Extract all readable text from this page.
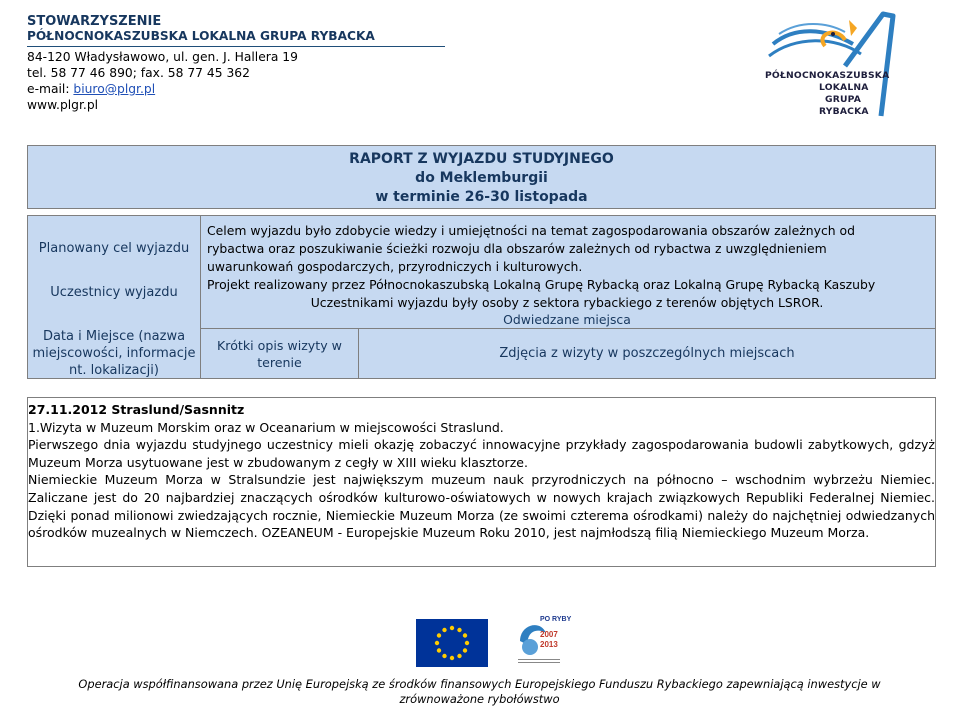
STOWARZYSZENIE
PÓŁNOCNOKASZUBSKA LOKALNA GRUPA RYBACKA
84-120 Władysławowo, ul. gen. J. Hallera 19
tel. 58 77 46 890; fax. 58 77 45 362
e-mail: biuro@plgr.pl
www.plgr.pl
PÓŁNOCNOKASZUBSKA
LOKALNA
GRUPA
RYBACKA
RAPORT Z WYJAZDU STUDYJNEGO
do Meklemburgii
w terminie 26-30 listopada
Planowany cel wyjazdu
Uczestnicy wyjazdu
Data i Miejsce (nazwa
miejscowości, informacje
nt. lokalizacji)
Celem wyjazdu było zdobycie wiedzy i umiejętności na temat zagospodarowania obszarów zależnych od
rybactwa oraz poszukiwanie ścieżki rozwoju dla obszarów zależnych od rybactwa z uwzględnieniem
uwarunkowań gospodarczych, przyrodniczych i kulturowych.
Projekt realizowany przez Północnokaszubską Lokalną Grupę Rybacką oraz Lokalną Grupę Rybacką Kaszuby
Uczestnikami wyjazdu były osoby z sektora rybackiego z terenów objętych LSROR.
Odwiedzane miejsca
Krótki opis wizyty w
terenie
Zdjęcia z wizyty w poszczególnych miejscach
27.11.2012 Straslund/Sasnnitz
1.Wizyta w Muzeum Morskim oraz w Oceanarium w miejscowości Straslund.
Pierwszego dnia wyjazdu studyjnego uczestnicy mieli okazję zobaczyć innowacyjne przykłady zagospodarowania budowli zabytkowych, gdzyż Muzeum Morza usytuowane jest w zbudowanym z cegły w XIII wieku klasztorze.
Niemieckie Muzeum Morza w Stralsundzie jest największym muzeum nauk przyrodniczych na północno – wschodnim wybrzeżu Niemiec. Zaliczane jest do 20 najbardziej znaczących ośrodków kulturowo-oświatowych w nowych krajach związkowych Republiki Federalnej Niemiec. Dzięki ponad milionowi zwiedzających rocznie, Niemieckie Muzeum Morza (ze swoimi czterema ośrodkami) należy do najchętniej odwiedzanych ośrodków muzealnych w Niemczech. OZEANEUM - Europejskie Muzeum Roku 2010, jest najmłodszą filią Niemieckiego Muzeum Morza.
PO RYBY
2007
2013
Operacja współfinansowana przez Unię Europejską ze środków finansowych Europejskiego Funduszu Rybackiego zapewniającą inwestycje w
zrównoważone rybołówstwo
